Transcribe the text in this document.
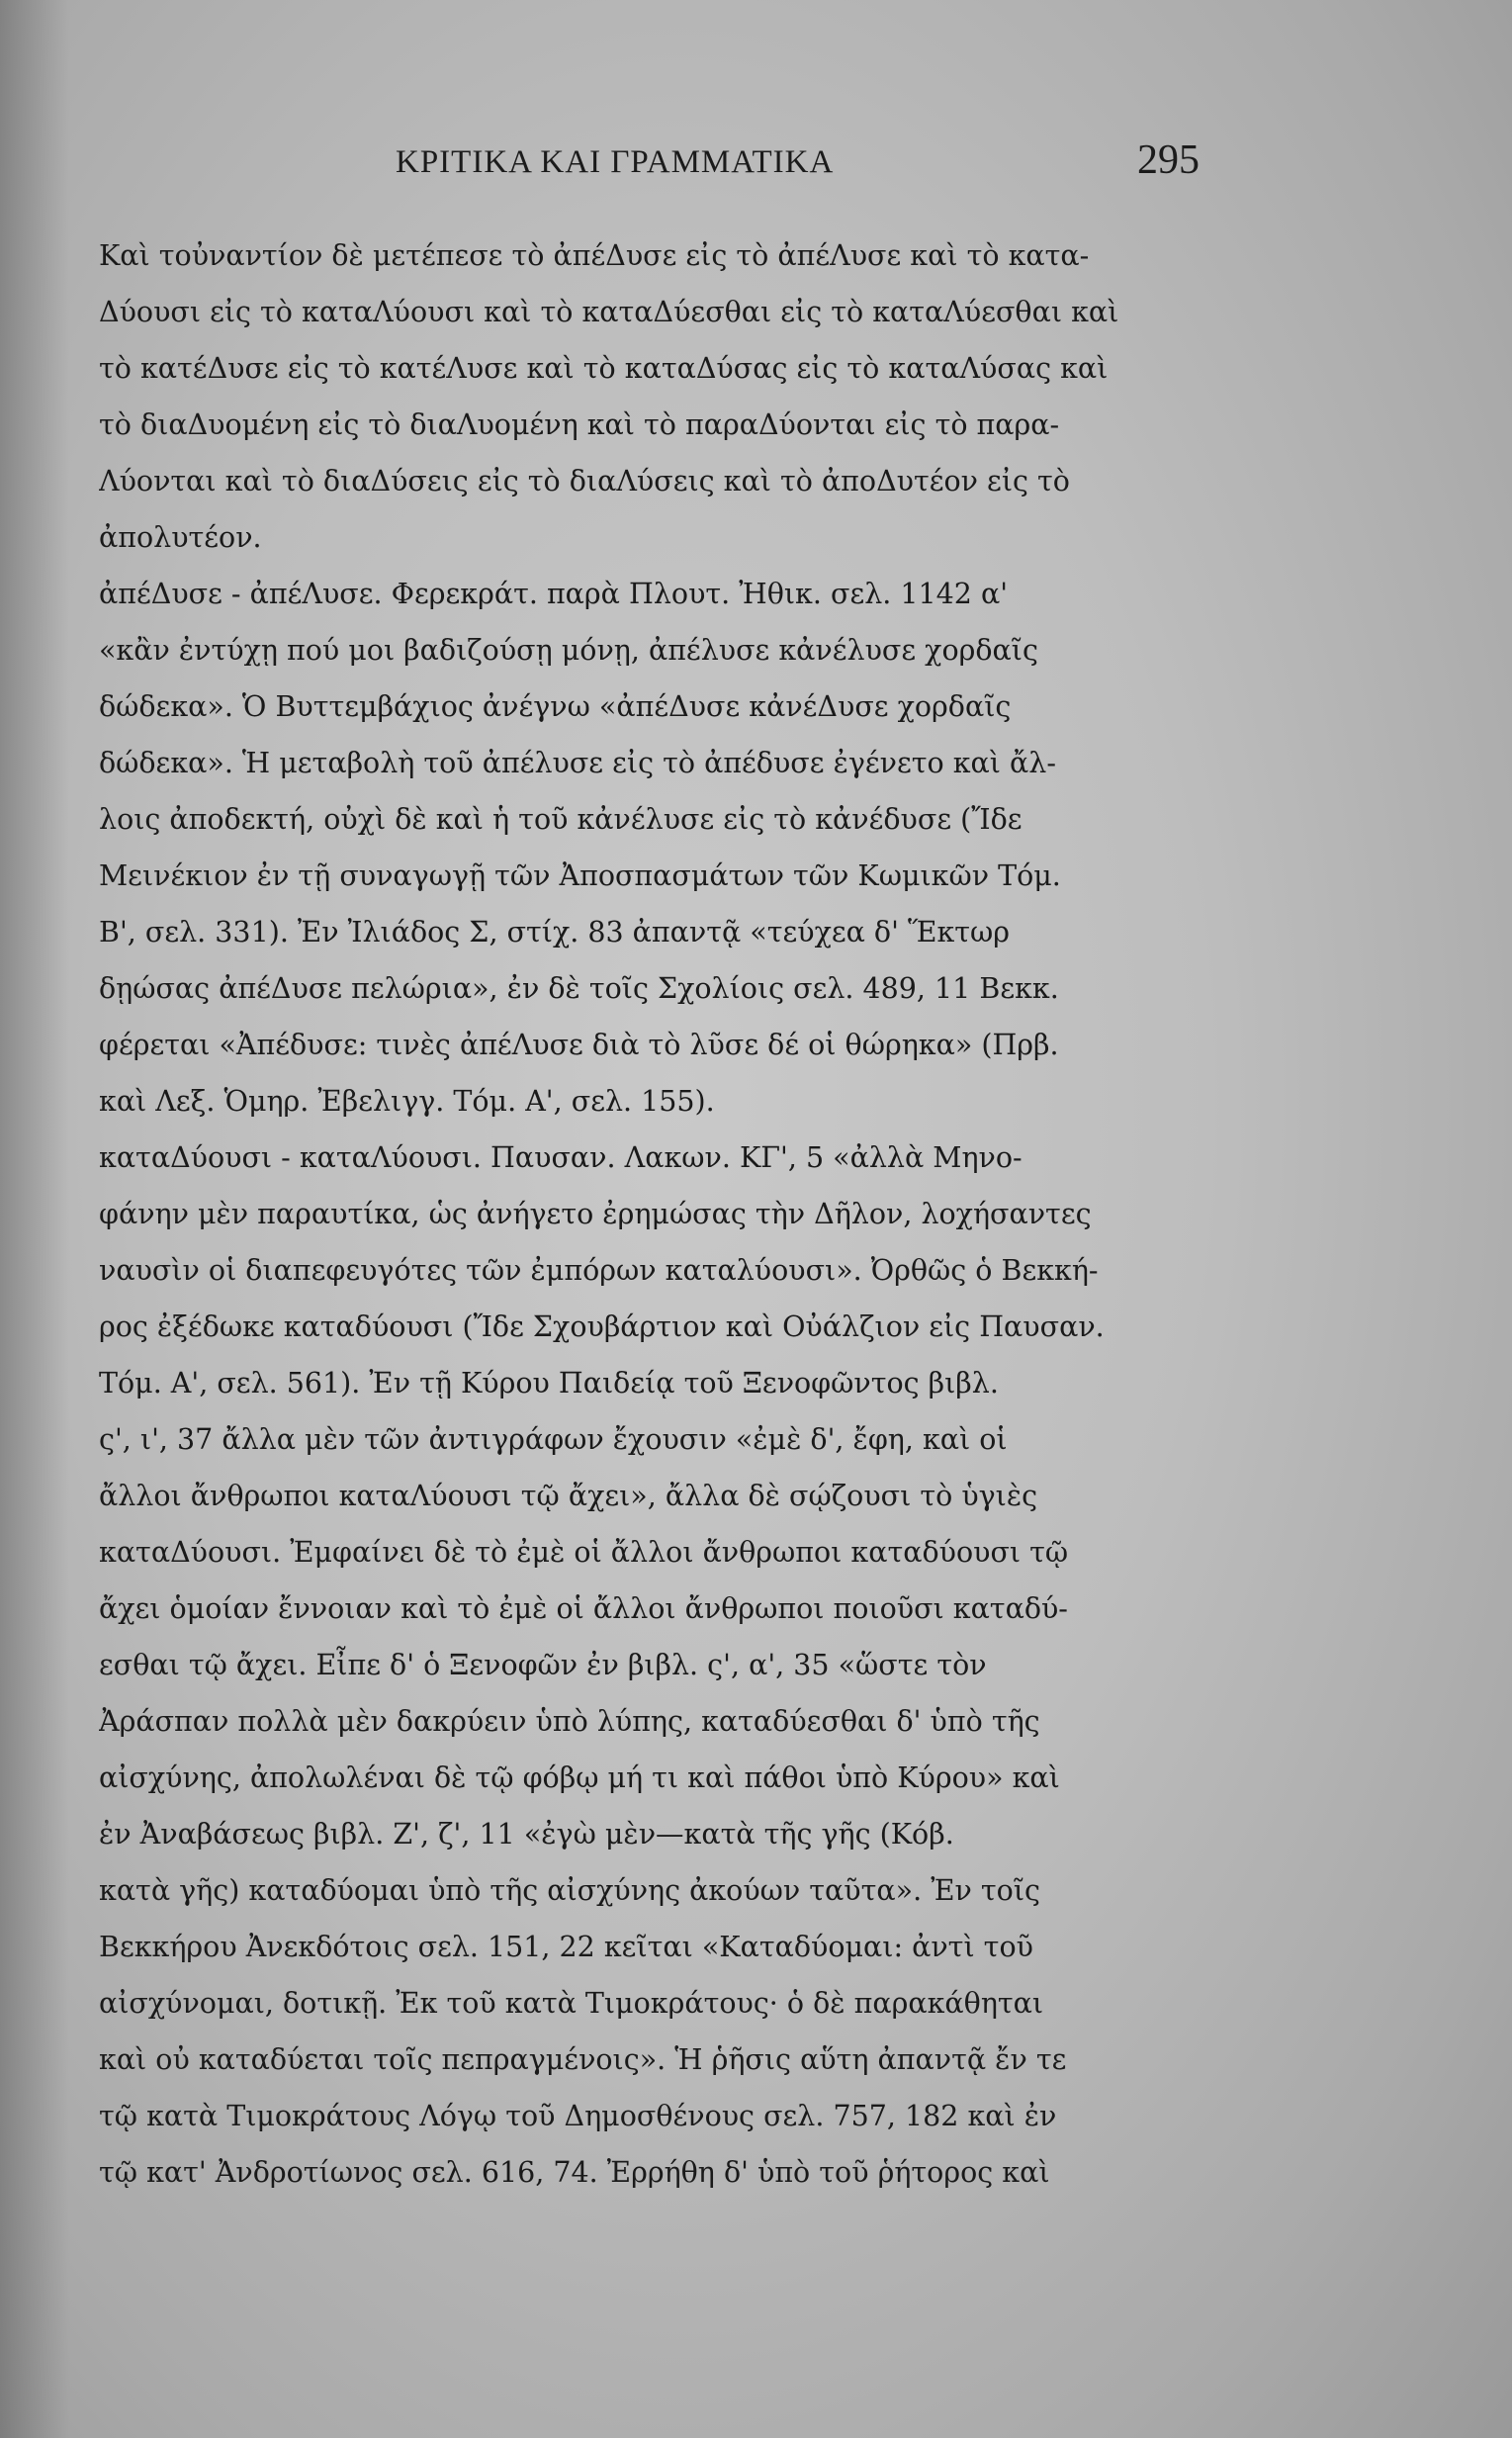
ΚΡΙΤΙΚΑ ΚΑΙ ΓΡΑΜΜΑΤΙΚΑ	295
Καὶ τοὐναντίον δὲ μετέπεσε τὸ ἀπέΔυσε εἰς τὸ ἀπέΛυσε καὶ τὸ κατα-
Δύουσι εἰς τὸ καταΛύουσι καὶ τὸ καταΔύεσθαι εἰς τὸ καταΛύεσθαι καὶ
τὸ κατέΔυσε εἰς τὸ κατέΛυσε καὶ τὸ καταΔύσας εἰς τὸ καταΛύσας καὶ
τὸ διαΔυομένη εἰς τὸ διαΛυομένη καὶ τὸ παραΔύονται εἰς τὸ παρα-
Λύονται καὶ τὸ διαΔύσεις εἰς τὸ διαΛύσεις καὶ τὸ ἀποΔυτέον εἰς τὸ
ἀπολυτέον.
ἀπέΔυσε - ἀπέΛυσε. Φερεκράτ. παρὰ Πλουτ. Ἠθικ. σελ. 1142 α'
«κἂν ἐντύχῃ πού μοι βαδιζούσῃ μόνῃ, ἀπέλυσε κἀνέλυσε χορδαῖς
δώδεκα». Ὁ Βυττεμβάχιος ἀνέγνω «ἀπέΔυσε κἀνέΔυσε χορδαῖς
δώδεκα». Ἡ μεταβολὴ τοῦ ἀπέλυσε εἰς τὸ ἀπέδυσε ἐγένετο καὶ ἄλ-
λοις ἀποδεκτή, οὐχὶ δὲ καὶ ἡ τοῦ κἀνέλυσε εἰς τὸ κἀνέδυσε (Ἴδε
Μεινέκιον ἐν τῇ συναγωγῇ τῶν Ἀποσπασμάτων τῶν Κωμικῶν Τόμ.
Β', σελ. 331). Ἐν Ἰλιάδος Σ, στίχ. 83 ἀπαντᾷ «τεύχεα δ' Ἕκτωρ
δῃώσας ἀπέΔυσε πελώρια», ἐν δὲ τοῖς Σχολίοις σελ. 489, 11 Βεκκ.
φέρεται «Ἀπέδυσε: τινὲς ἀπέΛυσε διὰ τὸ λῦσε δέ οἱ θώρηκα» (Πρβ.
καὶ Λεξ. Ὁμηρ. Ἐβελιγγ. Τόμ. Α', σελ. 155).
καταΔύουσι - καταΛύουσι. Παυσαν. Λακων. ΚΓ', 5 «ἀλλὰ Μηνο-
φάνην μὲν παραυτίκα, ὡς ἀνήγετο ἐρημώσας τὴν Δῆλον, λοχήσαντες
ναυσὶν οἱ διαπεφευγότες τῶν ἐμπόρων καταλύουσι». Ὀρθῶς ὁ Βεκκή-
ρος ἐξέδωκε καταδύουσι (Ἴδε Σχουβάρτιον καὶ Οὐάλζιον εἰς Παυσαν.
Τόμ. Α', σελ. 561). Ἐν τῇ Κύρου Παιδείᾳ τοῦ Ξενοφῶντος βιβλ.
ς', ι', 37 ἄλλα μὲν τῶν ἀντιγράφων ἔχουσιν «ἐμὲ δ', ἔφη, καὶ οἱ
ἄλλοι ἄνθρωποι καταΛύουσι τῷ ἄχει», ἄλλα δὲ σῴζουσι τὸ ὑγιὲς
καταΔύουσι. Ἐμφαίνει δὲ τὸ ἐμὲ οἱ ἄλλοι ἄνθρωποι καταδύουσι τῷ
ἄχει ὁμοίαν ἔννοιαν καὶ τὸ ἐμὲ οἱ ἄλλοι ἄνθρωποι ποιοῦσι καταδύ-
εσθαι τῷ ἄχει. Εἶπε δ' ὁ Ξενοφῶν ἐν βιβλ. ς', α', 35 «ὥστε τὸν
Ἀράσπαν πολλὰ μὲν δακρύειν ὑπὸ λύπης, καταδύεσθαι δ' ὑπὸ τῆς
αἰσχύνης, ἀπολωλέναι δὲ τῷ φόβῳ μή τι καὶ πάθοι ὑπὸ Κύρου» καὶ
ἐν Ἀναβάσεως βιβλ. Ζ', ζ', 11 «ἐγὼ μὲν—κατὰ τῆς γῆς (Κόβ.
κατὰ γῆς) καταδύομαι ὑπὸ τῆς αἰσχύνης ἀκούων ταῦτα». Ἐν τοῖς
Βεκκήρου Ἀνεκδότοις σελ. 151, 22 κεῖται «Καταδύομαι: ἀντὶ τοῦ
αἰσχύνομαι, δοτικῇ. Ἐκ τοῦ κατὰ Τιμοκράτους· ὁ δὲ παρακάθηται
καὶ οὐ καταδύεται τοῖς πεπραγμένοις». Ἡ ῥῆσις αὕτη ἀπαντᾷ ἔν τε
τῷ κατὰ Τιμοκράτους Λόγῳ τοῦ Δημοσθένους σελ. 757, 182 καὶ ἐν
τῷ κατ' Ἀνδροτίωνος σελ. 616, 74. Ἐρρήθη δ' ὑπὸ τοῦ ῥήτορος καὶ
